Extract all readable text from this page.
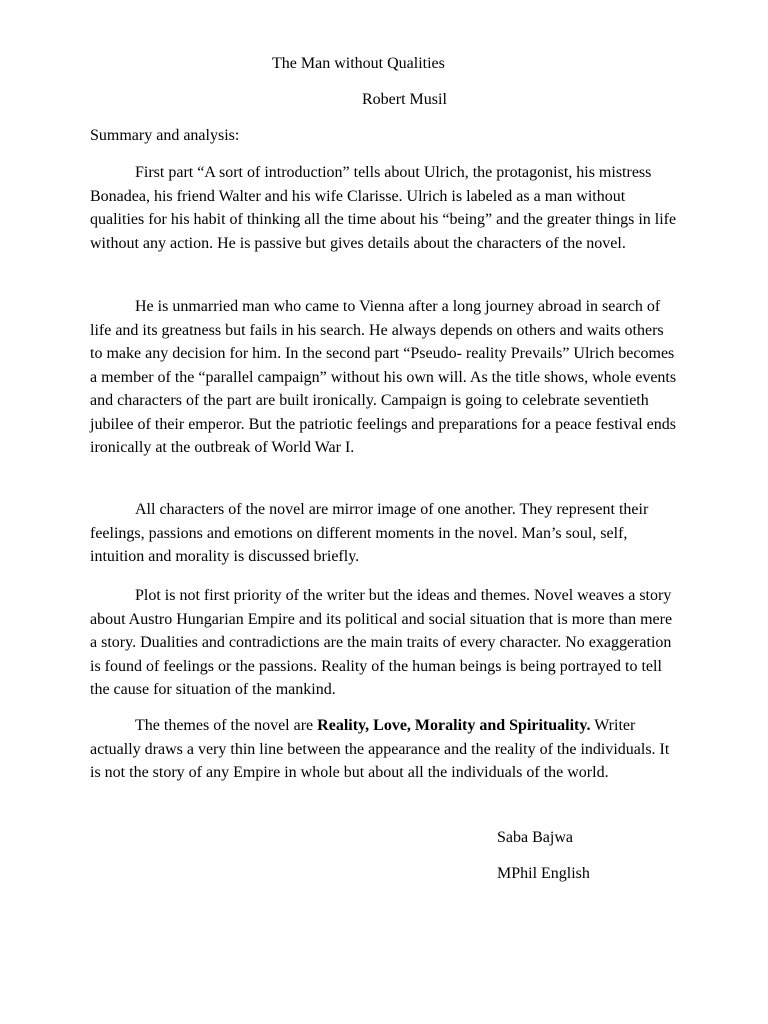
The Man without Qualities

Robert Musil

Summary and analysis:

First part “A sort of introduction” tells about Ulrich, the protagonist, his mistress Bonadea, his friend Walter and his wife Clarisse. Ulrich is labeled as a man without qualities for his habit of thinking all the time about his “being” and the greater things in life without any action. He is passive but gives details about the characters of the novel.

He is unmarried man who came to Vienna after a long journey abroad in search of life and its greatness but fails in his search. He always depends on others and waits others to make any decision for him. In the second part “Pseudo- reality Prevails” Ulrich becomes a member of the “parallel campaign” without his own will. As the title shows, whole events and characters of the part are built ironically. Campaign is going to celebrate seventieth jubilee of their emperor. But the patriotic feelings and preparations for a peace festival ends ironically at the outbreak of World War I.

All characters of the novel are mirror image of one another. They represent their feelings, passions and emotions on different moments in the novel. Man’s soul, self, intuition and morality is discussed briefly.

Plot is not first priority of the writer but the ideas and themes. Novel weaves a story about Austro Hungarian Empire and its political and social situation that is more than mere a story. Dualities and contradictions are the main traits of every character. No exaggeration is found of feelings or the passions. Reality of the human beings is being portrayed to tell the cause for situation of the mankind.

The themes of the novel are Reality, Love, Morality and Spirituality. Writer actually draws a very thin line between the appearance and the reality of the individuals. It is not the story of any Empire in whole but about all the individuals of the world.

Saba Bajwa

MPhil English
